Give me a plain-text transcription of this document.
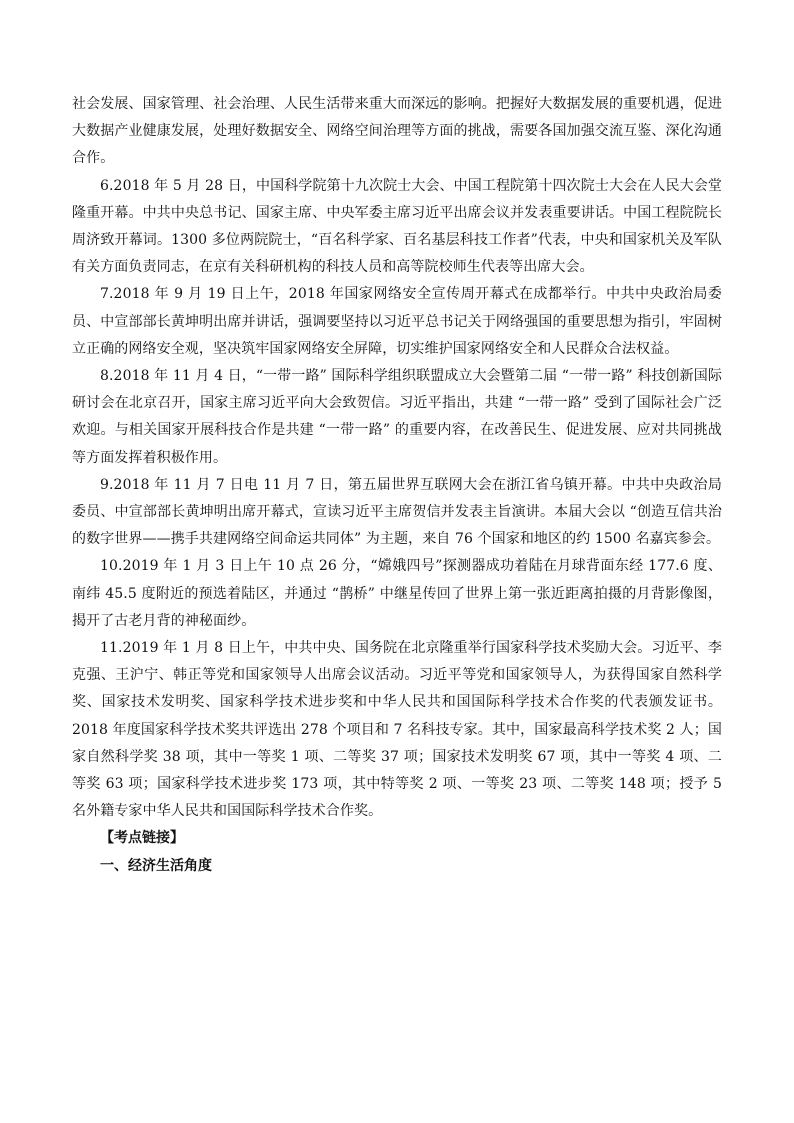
社会发展、国家管理、社会治理、人民生活带来重大而深远的影响。把握好大数据发展的重要机遇，促进大数据产业健康发展，处理好数据安全、网络空间治理等方面的挑战，需要各国加强交流互鉴、深化沟通合作。

6.2018 年 5 月 28 日，中国科学院第十九次院士大会、中国工程院第十四次院士大会在人民大会堂隆重开幕。中共中央总书记、国家主席、中央军委主席习近平出席会议并发表重要讲话。中国工程院院长周济致开幕词。1300 多位两院院士，“百名科学家、百名基层科技工作者”代表，中央和国家机关及军队有关方面负责同志，在京有关科研机构的科技人员和高等院校师生代表等出席大会。

7.2018 年 9 月 19 日上午，2018 年国家网络安全宣传周开幕式在成都举行。中共中央政治局委员、中宣部部长黄坤明出席并讲话，强调要坚持以习近平总书记关于网络强国的重要思想为指引，牢固树立正确的网络安全观，坚决筑牢国家网络安全屏障，切实维护国家网络安全和人民群众合法权益。

8.2018 年 11 月 4 日，“一带一路” 国际科学组织联盟成立大会暨第二届 “一带一路” 科技创新国际研讨会在北京召开，国家主席习近平向大会致贺信。习近平指出，共建 “一带一路” 受到了国际社会广泛欢迎。与相关国家开展科技合作是共建 “一带一路” 的重要内容，在改善民生、促进发展、应对共同挑战等方面发挥着积极作用。

9.2018 年 11 月 7 日电 11 月 7 日，第五届世界互联网大会在浙江省乌镇开幕。中共中央政治局委员、中宣部部长黄坤明出席开幕式，宣读习近平主席贺信并发表主旨演讲。本届大会以 “创造互信共治的数字世界——携手共建网络空间命运共同体” 为主题，来自 76 个国家和地区的约 1500 名嘉宾参会。

10.2019 年 1 月 3 日上午 10 点 26 分，“嫦娥四号”探测器成功着陆在月球背面东经 177.6 度、南纬 45.5 度附近的预选着陆区，并通过 “鹊桥” 中继星传回了世界上第一张近距离拍摄的月背影像图，揭开了古老月背的神秘面纱。

11.2019 年 1 月 8 日上午，中共中央、国务院在北京隆重举行国家科学技术奖励大会。习近平、李克强、王沪宁、韩正等党和国家领导人出席会议活动。习近平等党和国家领导人，为获得国家自然科学奖、国家技术发明奖、国家科学技术进步奖和中华人民共和国国际科学技术合作奖的代表颁发证书。2018 年度国家科学技术奖共评选出 278 个项目和 7 名科技专家。其中，国家最高科学技术奖 2 人；国家自然科学奖 38 项，其中一等奖 1 项、二等奖 37 项；国家技术发明奖 67 项，其中一等奖 4 项、二等奖 63 项；国家科学技术进步奖 173 项，其中特等奖 2 项、一等奖 23 项、二等奖 148 项；授予 5 名外籍专家中华人民共和国国际科学技术合作奖。

【考点链接】

一、经济生活角度
